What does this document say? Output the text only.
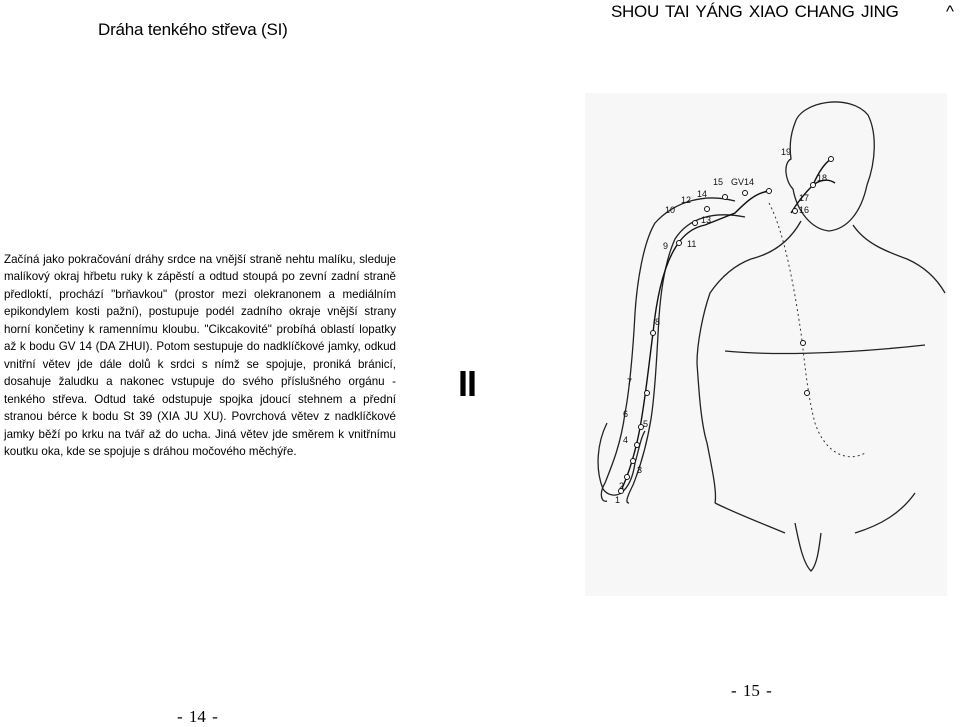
Dráha tenkého střeva (SI)
SHOU TAI YÁNG XIAO CHANG JING	^

Začíná jako pokračování dráhy srdce na vnější straně nehtu malíku, sleduje malíkový okraj hřbetu ruky k zápěstí a odtud stoupá po zevní zadní straně předloktí, prochází "brňavkou" (prostor mezi olekranonem a mediálním epikondylem kosti pažní), postupuje podél zadního okraje vnější strany horní končetiny k ramennímu kloubu. "Cikcakovité" probíhá oblastí lopatky až k bodu GV 14 (DA ZHUI). Potom sestupuje do nadklíčkové jamky, odkud vnitřní větev jde dále dolů k srdci s nímž se spojuje, proniká bránicí, dosahuje žaludku a nakonec vstupuje do svého příslušného orgánu - tenkého střeva. Odtud také odstupuje spojka jdoucí stehnem a přední stranou bérce k bodu St 39 (XIA JU XU). Povrchová větev z nadklíčkové jamky běží po krku na tvář až do ucha. Jiná větev jde směrem k vnitřnímu koutku oka, kde se spojuje s dráhou močového měchýře.

II
1
2
3
4
5
6
7
8
9
10
11
12
13
14
15
16
17
18
19
GV14
- 14 -
- 15 -
